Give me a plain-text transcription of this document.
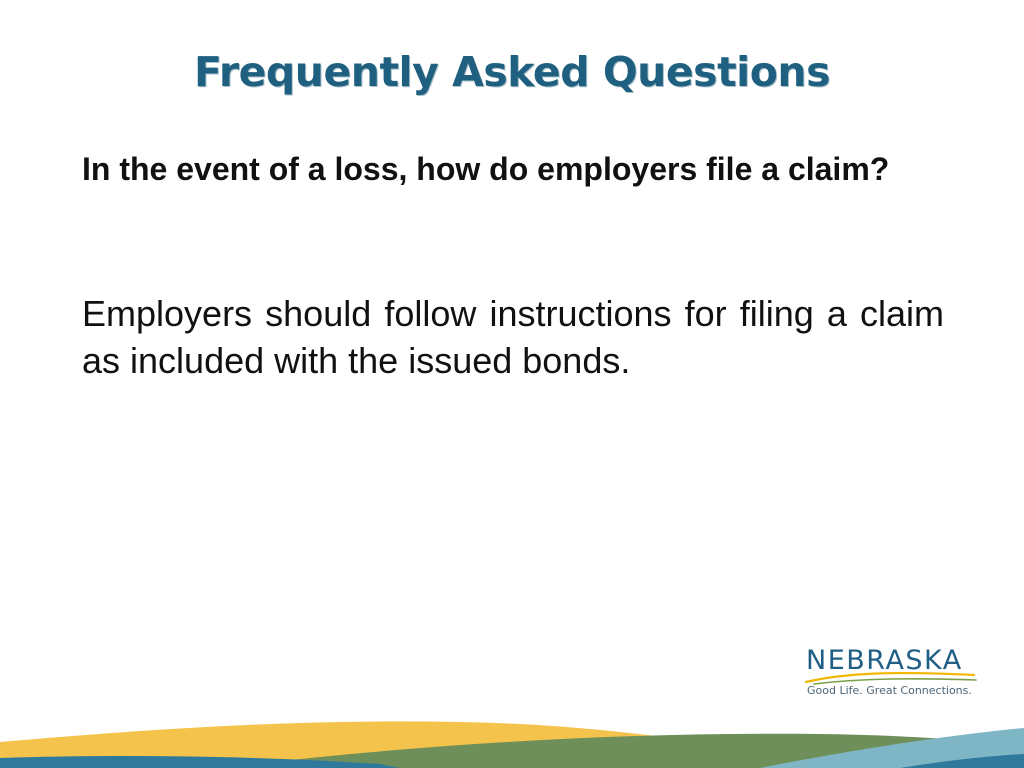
Frequently Asked Questions

In the event of a loss, how do employers file a claim?

Employers should follow instructions for filing a claim as included with the issued bonds.

NEBRASKA

Good Life. Great Connections.
